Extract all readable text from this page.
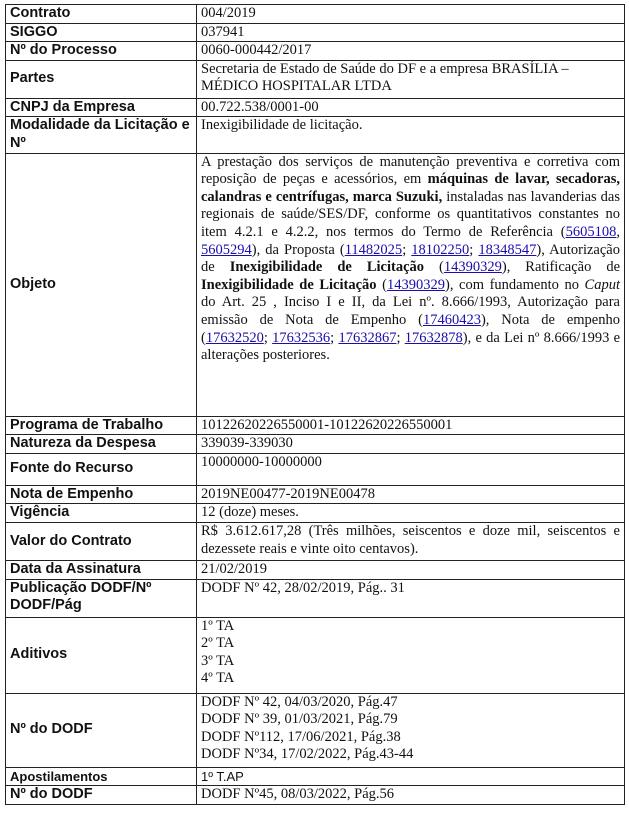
Contrato	004/2019
SIGGO	037941
Nº do Processo	0060-000442/2017
Partes	Secretaria de Estado de Saúde do DF e a empresa BRASÍLIA – MÉDICO HOSPITALAR LTDA
CNPJ da Empresa	00.722.538/0001-00
Modalidade da Licitação e Nº	Inexigibilidade de licitação.
Objeto	A prestação dos serviços de manutenção preventiva e corretiva com reposição de peças e acessórios, em máquinas de lavar, secadoras, calandras e centrífugas, marca Suzuki, instaladas nas lavanderias das regionais de saúde/SES/DF, conforme os quantitativos constantes no item 4.2.1 e 4.2.2, nos termos do Termo de Referência (5605108, 5605294), da Proposta (11482025; 18102250; 18348547), Autorização de Inexigibilidade de Licitação (14390329), Ratificação de Inexigibilidade de Licitação (14390329), com fundamento no Caput do Art. 25 , Inciso I e II, da Lei nº. 8.666/1993, Autorização para emissão de Nota de Empenho (17460423), Nota de empenho (17632520; 17632536; 17632867; 17632878), e da Lei nº 8.666/1993 e alterações posteriores.
Programa de Trabalho	10122620226550001-10122620226550001
Natureza da Despesa	339039-339030
Fonte do Recurso	10000000-10000000
Nota de Empenho	2019NE00477-2019NE00478
Vigência	12 (doze) meses.
Valor do Contrato	R$ 3.612.617,28 (Três milhões, seiscentos e doze mil, seiscentos e dezessete reais e vinte oito centavos).
Data da Assinatura	21/02/2019
Publicação DODF/Nº DODF/Pág	DODF Nº 42, 28/02/2019, Pág.. 31
Aditivos	1º TA
2º TA
3º TA
4º TA

Nº do DODF	DODF Nº 42, 04/03/2020, Pág.47
DODF Nº 39, 01/03/2021, Pág.79
DODF Nº112, 17/06/2021, Pág.38
DODF Nº34, 17/02/2022, Pág.43-44

Apostilamentos	1º T.AP
Nº do DODF	DODF Nº45, 08/03/2022, Pág.56
